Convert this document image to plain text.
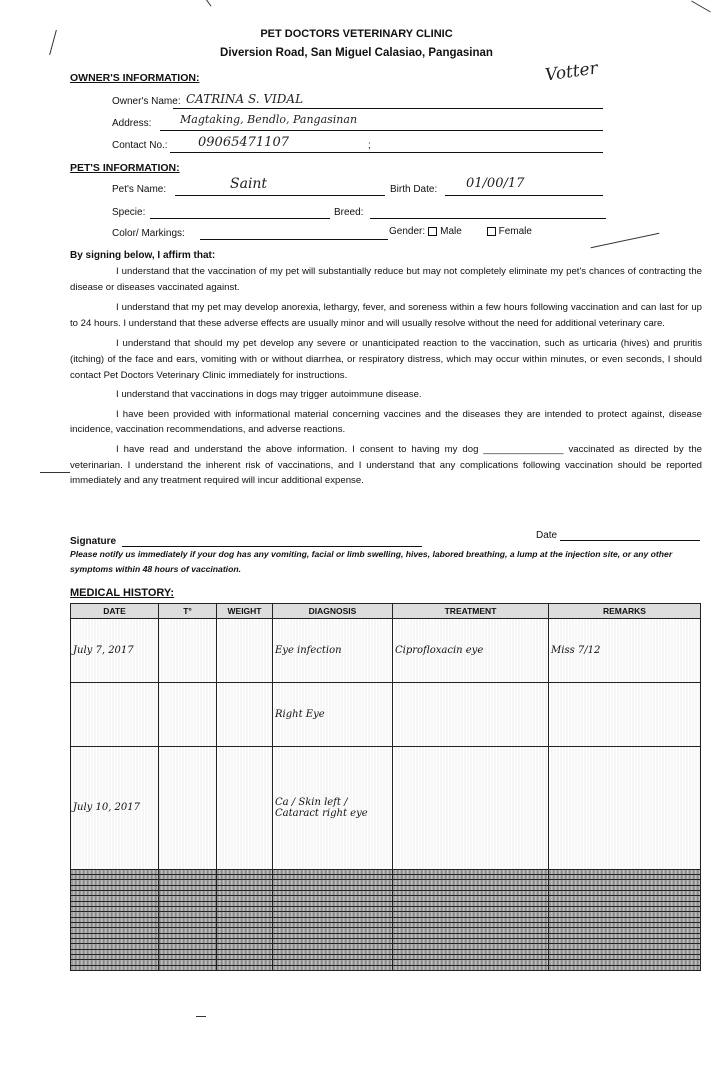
PET DOCTORS VETERINARY CLINIC
Diversion Road, San Miguel Calasiao, Pangasinan
Votter
OWNER'S INFORMATION:
Owner's Name: CATRINA S. VIDAL
Address:	Magtaking, Bendlo, Pangasinan
Contact No.: 09065471107	;
PET'S INFORMATION:
Pet's Name:	Saint	Birth Date: 01/00/17
Specie:	Breed:
Color/ Markings:	Gender: Male	Female
By signing below, I affirm that:

I understand that the vaccination of my pet will substantially reduce but may not completely eliminate my pet's chances of contracting the disease or diseases vaccinated against.

I understand that my pet may develop anorexia, lethargy, fever, and soreness within a few hours following vaccination and can last for up to 24 hours. I understand that these adverse effects are usually minor and will usually resolve without the need for additional veterinary care.

I understand that should my pet develop any severe or unanticipated reaction to the vaccination, such as urticaria (hives) and pruritis (itching) of the face and ears, vomiting with or without diarrhea, or respiratory distress, which may occur within minutes, or even seconds, I should contact Pet Doctors Veterinary Clinic immediately for instructions.

I understand that vaccinations in dogs may trigger autoimmune disease.

I have been provided with informational material concerning vaccines and the diseases they are intended to protect against, disease incidence, vaccination recommendations, and adverse reactions.

I have read and understand the above information. I consent to having my dog _______________ vaccinated as directed by the veterinarian. I understand the inherent risk of vaccinations, and I understand that any complications following vaccination should be reported immediately and any treatment required will incur additional expense.

Signature
Date
Please notify us immediately if your dog has any vomiting, facial or limb swelling, hives, labored breathing, a lump at the injection site, or any other symptoms within 48 hours of vaccination.
MEDICAL HISTORY:
DATE	T°	WEIGHT	DIAGNOSIS	TREATMENT	REMARKS
July 7, 2017			Eye infection	Ciprofloxacin eye	Miss 7/12
			Right Eye		
July 10, 2017			Ca / Skin left / Cataract right eye		
